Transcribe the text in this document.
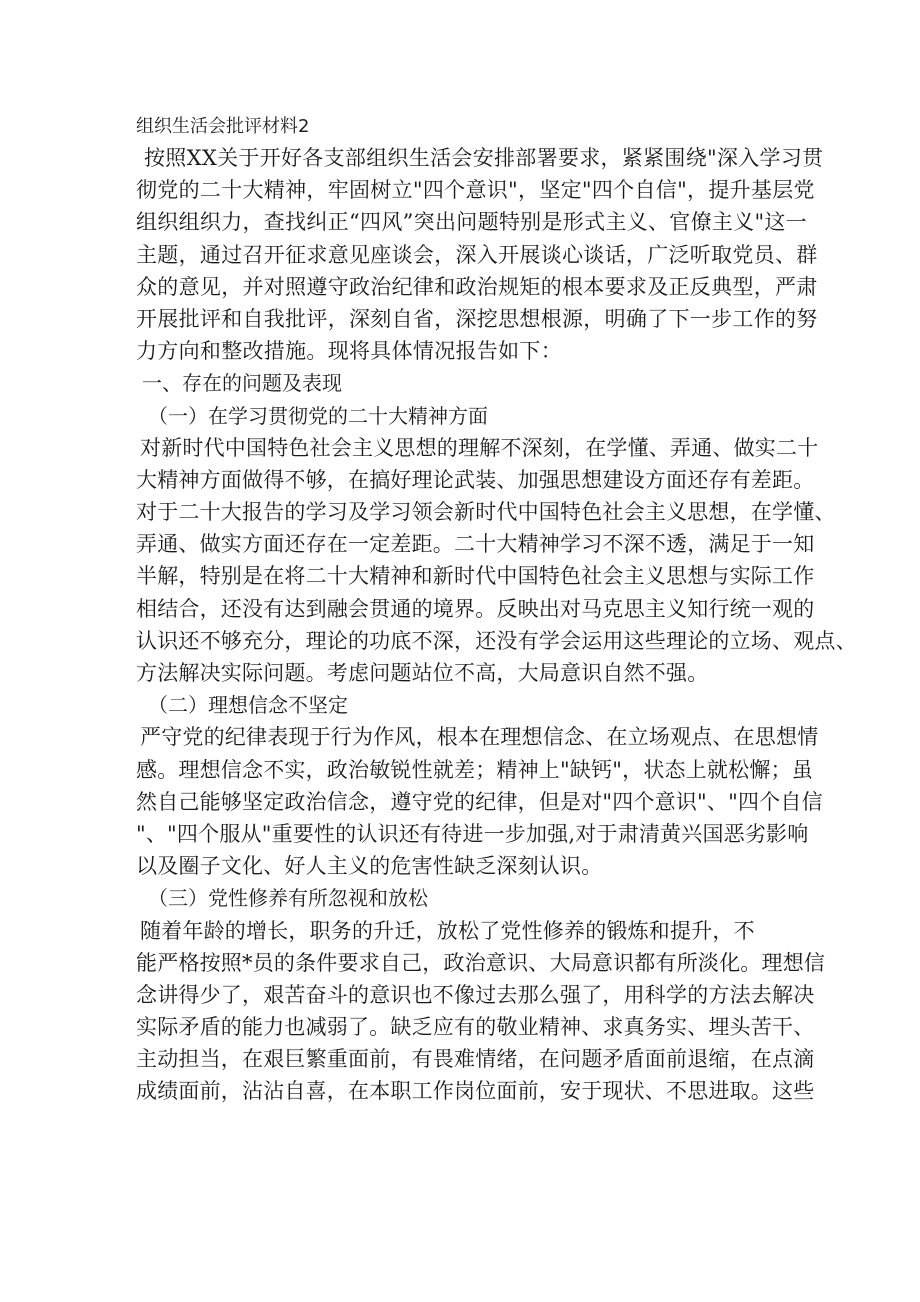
组织生活会批评材料2
按照XX关于开好各支部组织生活会安排部署要求，紧紧围绕"深入学习贯
彻党的二十大精神，牢固树立"四个意识"，坚定"四个自信"，提升基层党
组织组织力，查找纠正“四风”突出问题特别是形式主义、官僚主义"这一
主题，通过召开征求意见座谈会，深入开展谈心谈话，广泛听取党员、群
众的意见，并对照遵守政治纪律和政治规矩的根本要求及正反典型，严肃
开展批评和自我批评，深刻自省，深挖思想根源，明确了下一步工作的努
力方向和整改措施。现将具体情况报告如下：
一、存在的问题及表现
（一）在学习贯彻党的二十大精神方面
对新时代中国特色社会主义思想的理解不深刻，在学懂、弄通、做实二十
大精神方面做得不够，在搞好理论武装、加强思想建设方面还存有差距。
对于二十大报告的学习及学习领会新时代中国特色社会主义思想，在学懂、
弄通、做实方面还存在一定差距。二十大精神学习不深不透，满足于一知
半解，特别是在将二十大精神和新时代中国特色社会主义思想与实际工作
相结合，还没有达到融会贯通的境界。反映出对马克思主义知行统一观的
认识还不够充分，理论的功底不深，还没有学会运用这些理论的立场、观点、
方法解决实际问题。考虑问题站位不高，大局意识自然不强。
（二）理想信念不坚定
严守党的纪律表现于行为作风，根本在理想信念、在立场观点、在思想情
感。理想信念不实，政治敏锐性就差；精神上"缺钙"，状态上就松懈；虽
然自己能够坚定政治信念，遵守党的纪律，但是对"四个意识"、"四个自信
"、"四个服从"重要性的认识还有待进一步加强,对于肃清黄兴国恶劣影响
以及圈子文化、好人主义的危害性缺乏深刻认识。
（三）党性修养有所忽视和放松
随着年龄的增长，职务的升迁，放松了党性修养的锻炼和提升，不
能严格按照*员的条件要求自己，政治意识、大局意识都有所淡化。理想信
念讲得少了，艰苦奋斗的意识也不像过去那么强了，用科学的方法去解决
实际矛盾的能力也减弱了。缺乏应有的敬业精神、求真务实、埋头苦干、
主动担当，在艰巨繁重面前，有畏难情绪，在问题矛盾面前退缩，在点滴
成绩面前，沾沾自喜，在本职工作岗位面前，安于现状、不思进取。这些
